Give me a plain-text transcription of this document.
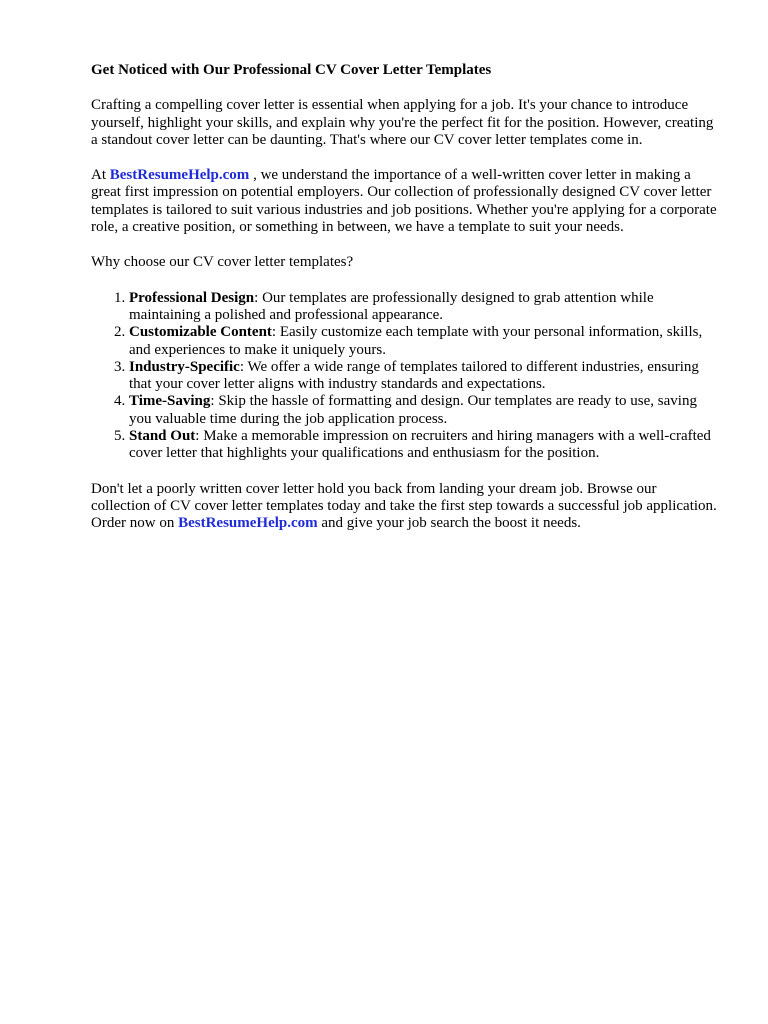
Get Noticed with Our Professional CV Cover Letter Templates

Crafting a compelling cover letter is essential when applying for a job. It's your chance to introduce yourself, highlight your skills, and explain why you're the perfect fit for the position. However, creating a standout cover letter can be daunting. That's where our CV cover letter templates come in.

At BestResumeHelp.com , we understand the importance of a well-written cover letter in making a great first impression on potential employers. Our collection of professionally designed CV cover letter templates is tailored to suit various industries and job positions. Whether you're applying for a corporate role, a creative position, or something in between, we have a template to suit your needs.

Why choose our CV cover letter templates?

1. Professional Design: Our templates are professionally designed to grab attention while maintaining a polished and professional appearance.
2. Customizable Content: Easily customize each template with your personal information, skills, and experiences to make it uniquely yours.
3. Industry-Specific: We offer a wide range of templates tailored to different industries, ensuring that your cover letter aligns with industry standards and expectations.
4. Time-Saving: Skip the hassle of formatting and design. Our templates are ready to use, saving you valuable time during the job application process.
5. Stand Out: Make a memorable impression on recruiters and hiring managers with a well-crafted cover letter that highlights your qualifications and enthusiasm for the position.

Don't let a poorly written cover letter hold you back from landing your dream job. Browse our collection of CV cover letter templates today and take the first step towards a successful job application. Order now on BestResumeHelp.com and give your job search the boost it needs.
